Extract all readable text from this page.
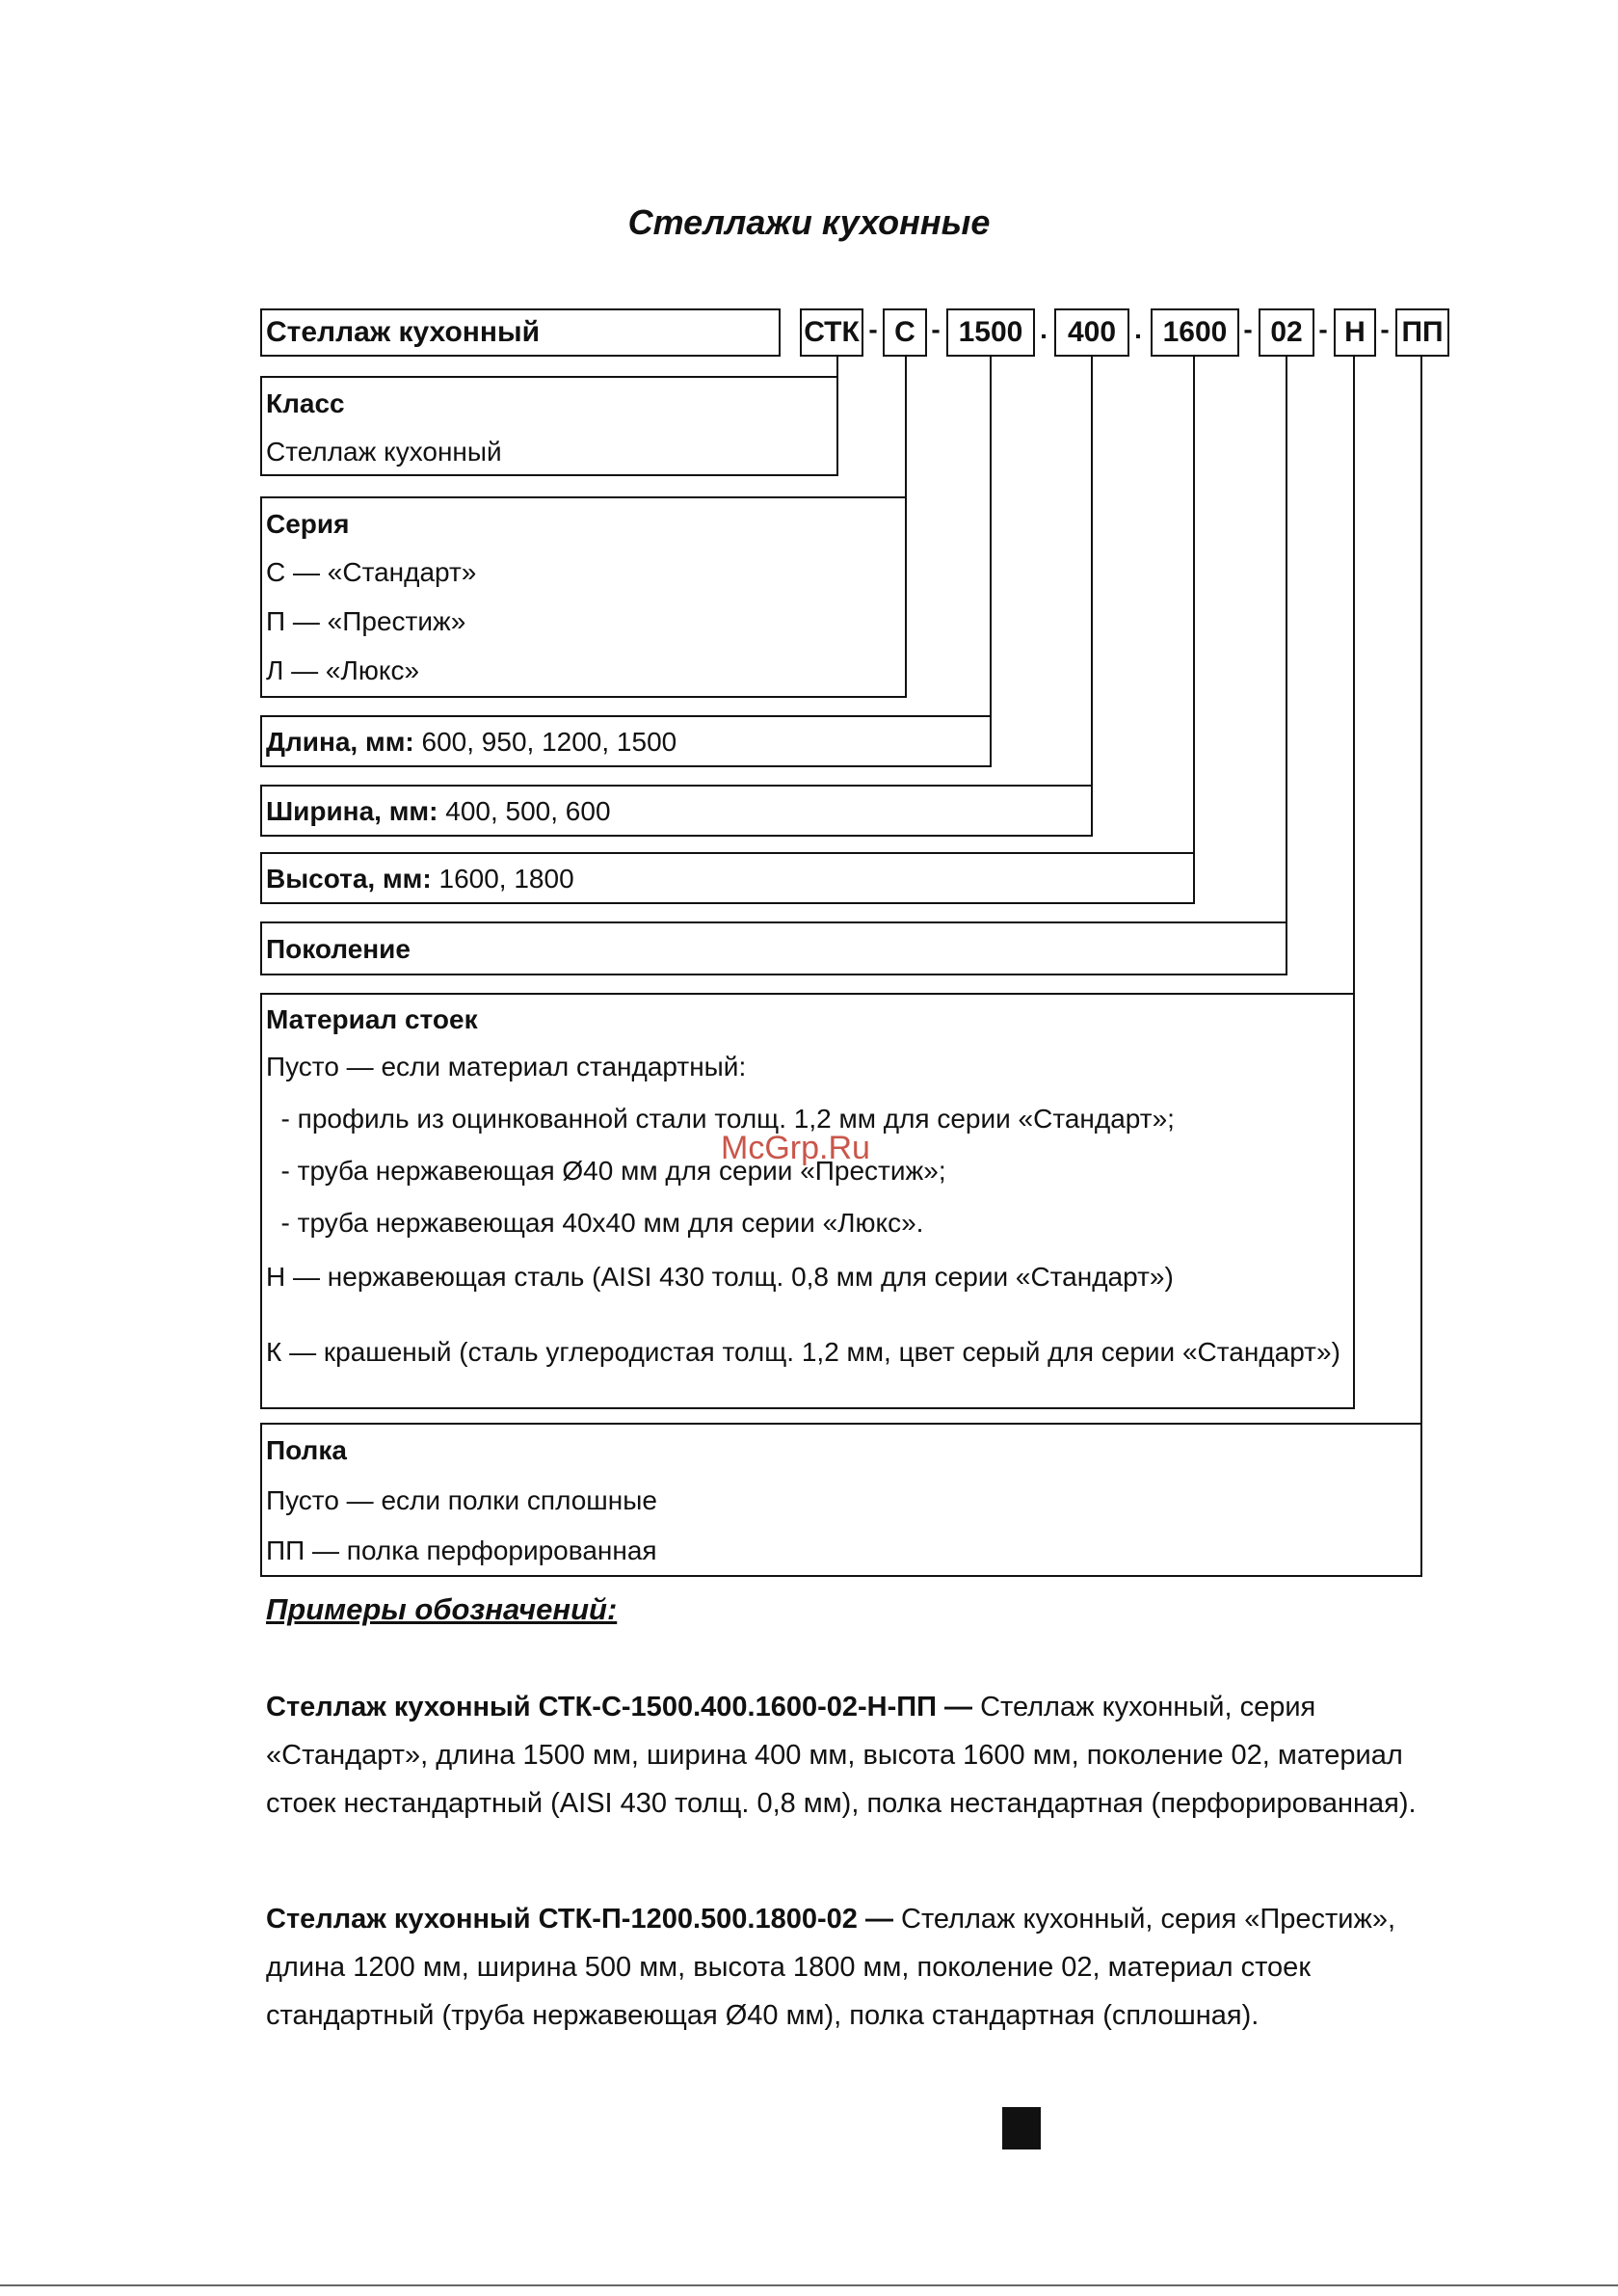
Стеллажи кухонные
Стеллаж кухонный	СТК - С - 1500 . 400 . 1600 - 02 - Н - ПП
Класс
Стеллаж кухонный
Серия
С — «Стандарт»
П — «Престиж»
Л — «Люкс»
Длина, мм: 600, 950, 1200, 1500
Ширина, мм: 400, 500, 600
Высота, мм: 1600, 1800
Поколение
Материал стоек
Пусто — если материал стандартный:
- профиль из оцинкованной стали толщ. 1,2 мм для серии «Стандарт»;
- труба нержавеющая Ø40 мм для серии «Престиж»;
- труба нержавеющая 40х40 мм для серии «Люкс».
Н — нержавеющая сталь (AISI 430 толщ. 0,8 мм для серии «Стандарт»)
К — крашеный (сталь углеродистая толщ. 1,2 мм, цвет серый для серии «Стандарт»)
Полка
Пусто — если полки сплошные
ПП — полка перфорированная
McGrp.Ru
Примеры обозначений:
Стеллаж кухонный СТК-С-1500.400.1600-02-Н-ПП — Стеллаж кухонный, серия «Стандарт», длина 1500 мм, ширина 400 мм, высота 1600 мм, поколение 02, материал стоек нестандартный (AISI 430 толщ. 0,8 мм), полка нестандартная (перфорированная).
Стеллаж кухонный СТК-П-1200.500.1800-02 — Стеллаж кухонный, серия «Престиж», длина 1200 мм, ширина 500 мм, высота 1800 мм, поколение 02, материал стоек стандартный (труба нержавеющая Ø40 мм), полка стандартная (сплошная).
